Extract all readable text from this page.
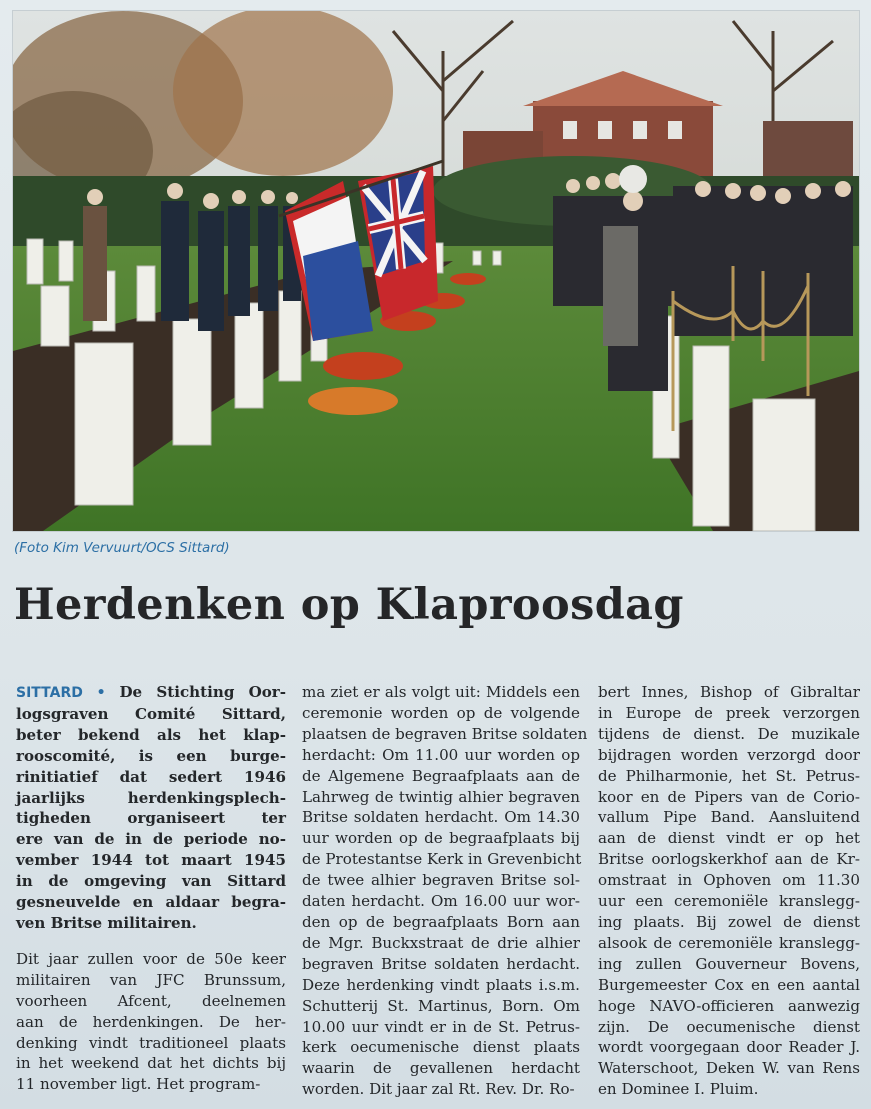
(Foto Kim Vervuurt/OCS Sittard)
Herdenken op Klaproosdag
SITTARD • De Stichting Oor-
logsgraven Comité Sittard,
beter bekend als het klap-
rooscomité, is een burge-
rinitiatief dat sedert 1946
jaarlijks herdenkingsplech-
tigheden organiseert ter
ere van de in de periode no-
vember 1944 tot maart 1945
in de omgeving van Sittard
gesneuvelde en aldaar begra-
ven Britse militairen.
Dit jaar zullen voor de 50e keer
militairen van JFC Brunssum,
voorheen Afcent, deelnemen
aan de herdenkingen. De her-
denking vindt traditioneel plaats
in het weekend dat het dichts bij
11 november ligt. Het program-
ma ziet er als volgt uit: Middels een
ceremonie worden op de volgende
plaatsen de begraven Britse soldaten
herdacht: Om 11.00 uur worden op
de Algemene Begraafplaats aan de
Lahrweg de twintig alhier begraven
Britse soldaten herdacht. Om 14.30
uur worden op de begraafplaats bij
de Protestantse Kerk in Grevenbicht
de twee alhier begraven Britse sol-
daten herdacht. Om 16.00 uur wor-
den op de begraafplaats Born aan
de Mgr. Buckxstraat de drie alhier
begraven Britse soldaten herdacht.
Deze herdenking vindt plaats i.s.m.
Schutterij St. Martinus, Born. Om
10.00 uur vindt er in de St. Petrus-
kerk oecumenische dienst plaats
waarin de gevallenen herdacht
worden. Dit jaar zal Rt. Rev. Dr. Ro-
bert Innes, Bishop of Gibraltar
in Europe de preek verzorgen
tijdens de dienst. De muzikale
bijdragen worden verzorgd door
de Philharmonie, het St. Petrus-
koor en de Pipers van de Corio-
vallum Pipe Band. Aansluitend
aan de dienst vindt er op het
Britse oorlogskerkhof aan de Kr-
omstraat in Ophoven om 11.30
uur een ceremoniële kranslegg-
ing plaats. Bij zowel de dienst
alsook de ceremoniële kranslegg-
ing zullen Gouverneur Bovens,
Burgemeester Cox en een aantal
hoge NAVO-officieren aanwezig
zijn. De oecumenische dienst
wordt voorgegaan door Reader J.
Waterschoot, Deken W. van Rens
en Dominee I. Pluim.
